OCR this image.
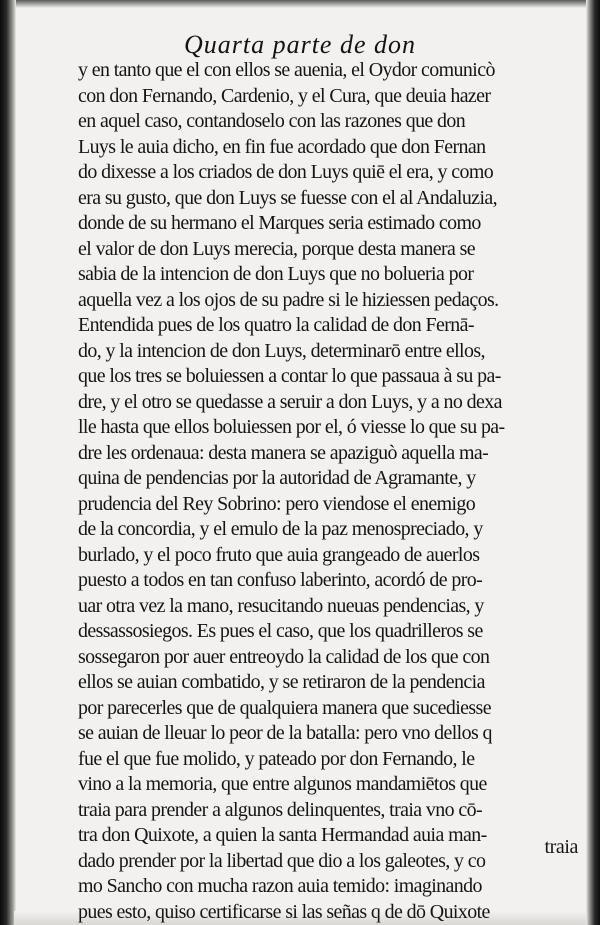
Quarta parte de don
y en tanto que el con ellos se auenia, el Oydor comunicò
con don Fernando, Cardenio, y el Cura, que deuia hazer
en aquel caso, contandoselo con las razones que don
Luys le auia dicho, en fin fue acordado que don Fernan
do dixesse a los criados de don Luys quiē el era, y como
era su gusto, que don Luys se fuesse con el al Andaluzia,
donde de su hermano el Marques seria estimado como
el valor de don Luys merecia, porque desta manera se
sabia de la intencion de don Luys que no bolueria por
aquella vez a los ojos de su padre si le hiziessen pedaços.
Entendida pues de los quatro la calidad de don Fernā-
do, y la intencion de don Luys, determinarō entre ellos,
que los tres se boluiessen a contar lo que passaua à su pa-
dre, y el otro se quedasse a seruir a don Luys, y a no dexa
lle hasta que ellos boluiessen por el, ó viesse lo que su pa-
dre les ordenaua: desta manera se apaziguò aquella ma-
quina de pendencias por la autoridad de Agramante, y
prudencia del Rey Sobrino: pero viendose el enemigo
de la concordia, y el emulo de la paz menospreciado, y
burlado, y el poco fruto que auia grangeado de auerlos
puesto a todos en tan confuso laberinto, acordó de pro-
uar otra vez la mano, resucitando nueuas pendencias, y
dessassosiegos. Es pues el caso, que los quadrilleros se
sossegaron por auer entreoydo la calidad de los que con
ellos se auian combatido, y se retiraron de la pendencia
por parecerles que de qualquiera manera que sucediesse
se auian de lleuar lo peor de la batalla: pero vno dellos q
fue el que fue molido, y pateado por don Fernando, le
vino a la memoria, que entre algunos mandamiētos que
traia para prender a algunos delinquentes, traia vno cō-
tra don Quixote, a quien la santa Hermandad auia man-
dado prender por la libertad que dio a los galeotes, y co
mo Sancho con mucha razon auia temido: imaginando
pues esto, quiso certificarse si las señas q de dō Quixote
traia
